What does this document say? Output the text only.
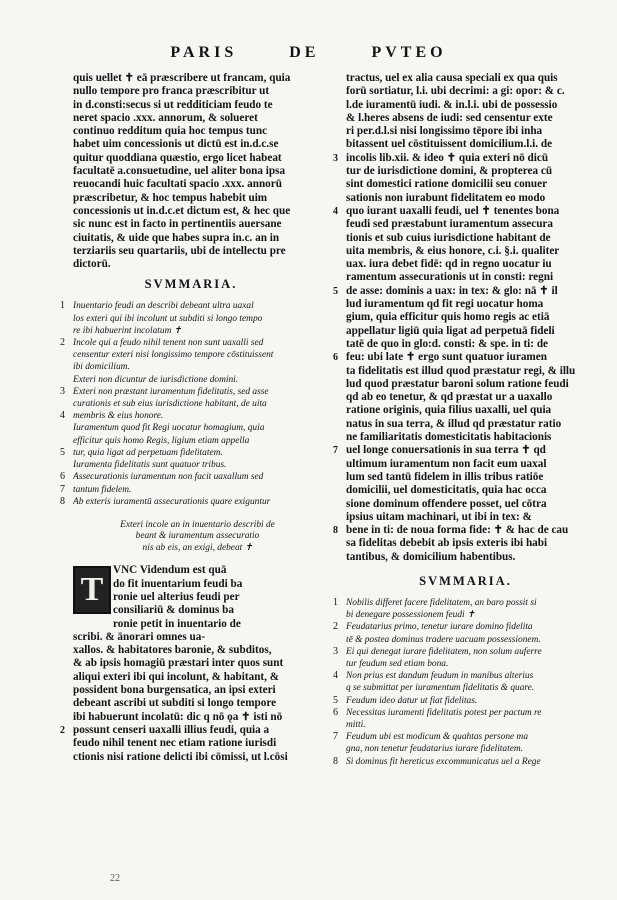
PARIS	DE	PVTEO
quis uellet ✝ eā præscribere ut francam, quia
nullo tempore pro franca præscribitur ut
in d.consti:secus si ut redditiciam feudo te
neret spacio .xxx. annorum, & solueret
continuo redditum quia hoc tempus tunc
habet uim concessionis ut dictū est in.d.c.se
quitur quoddiana quæstio, ergo licet habeat
facultatē a.consuetudine, uel aliter bona ipsa
reuocandi huic facultati spacio .xxx. annorū
præscribetur, & hoc tempus habebit uim
concessionis ut in.d.c.et dictum est, & hec que
sic nunc est in facto in pertinentiis auersane
ciuitatis, & uide que habes supra in.c. an in
terziariis seu quartariis, ubi de intellectu pre
dictorū.
SVMMARIA.
1 Inuentario feudi an describi debeant ultra uaxal
los exteri qui ibi incolunt ut subditi si longo tempo
re ibi habuerint incolatum ✝
2 Incole qui a feudo nihil tenent non sunt uaxalli sed
censentur exteri nisi longissimo tempore cōstituissent
ibi domicilium.
Exteri non dicuntur de iurisdictione domini.
3 Exteri non præstant iuramentum fidelitatis, sed asse
curationis et sub eius iurisdictione habitant, de uita
4 membris & eius honore.
Iuramentum quod fit Regi uocatur homagium, quia
efficitur quis homo Regis, ligium etiam appella
5 tur, quia ligat ad perpetuam fidelitatem.
Iuramenta fidelitatis sunt quatuor tribus.
6 Assecurationis iuramentum non facit uaxallum sed
7 tantum fidelem.
8 Ab exteris iuramentū assecurationis quare exiguntur
Exteri incole an in inuentario describi de
beant & iuramentum assecuratio
nis ab eis, an exigi, debeat ✝
T
VNC Videndum est quā
do fit inuentarium feudi ba
ronie uel alterius feudi per
consiliariū & dominus ba
ronie petit in inuentario de
scribi. & ānorari omnes ua-
xallos. & habitatores baronie, & subditos,
& ab ipsis homagiū præstari inter quos sunt
aliqui exteri ibi qui incolunt, & habitant, &
possident bona burgensatica, an ipsi exteri
debeant ascribi ut subditi si longo tempore
ibi habuerunt incolatū: dic q nō ǫa ✝ isti nō
2 possunt censeri uaxalli illius feudi, quia a
feudo nihil tenent nec etiam ratione iurisdi
ctionis nisi ratione delicti ibi cōmissi, ut l.cōsi
tractus, uel ex alia causa speciali ex qua quis
forū sortiatur, l.i. ubi decrimi: a gi: opor: & c.
l.de iuramentū iudi. & in.l.i. ubi de possessio
& l.heres absens de iudi: sed censentur exte
ri per.d.l.si nisi longissimo tēpore ibi inha
bitassent uel cōstituissent domicilium.l.i. de
3 incolis lib.xii. & ideo ✝ quia exteri nō dicū
tur de iurisdictione domini, & propterea cū
sint domestici ratione domicilii seu conuer
sationis non iurabunt fidelitatem eo modo
4 quo iurant uaxalli feudi, uel ✝ tenentes bona
feudi sed præstabunt iuramentum assecura
tionis et sub cuius iurisdictione habitant de
uita membris, & eius honore, c.i. §.i. qualiter
uax. iura debet fidē: qd in regno uocatur iu
ramentum assecurationis ut in consti: regni
5 de asse: dominis a uax: in tex: & glo: nā ✝ il
lud iuramentum qd fit regi uocatur homa
gium, quia efficitur quis homo regis ac etiā
appellatur ligiū quia ligat ad perpetuā fideli
tatē de quo in glo:d. consti: & spe. in ti: de
6 feu: ubi late ✝ ergo sunt quatuor iuramen
ta fidelitatis est illud quod præstatur regi, & illu
lud quod præstatur baroni solum ratione feudi
qd ab eo tenetur, & qd præstat ur a uaxallo
ratione originis, quia filius uaxalli, uel quia
natus in sua terra, & illud qd præstatur ratio
ne familiaritatis domesticitatis habitacionis
7 uel longe conuersationis in sua terra ✝ qd
ultimum iuramentum non facit eum uaxal
lum sed tantū fidelem in illis tribus ratiōe
domicilii, uel domesticitatis, quia hac occa
sione dominum offendere posset, uel cōtra
ipsius uitam machinari, ut ibi in tex: &
8 bene in ti: de noua forma fide: ✝ & hac de cau
sa fidelitas debebit ab ipsis exteris ibi habi
tantibus, & domicilium habentibus.
SVMMARIA.
1 Nobilis differet facere fidelitatem, an baro possit si
bi denegare possessionem feudi ✝
2 Feudatarius primo, tenetur iurare domino fidelita
tē & postea dominus tradere uacuam possessionem.
3 Ei qui denegat iurare fidelitatem, non solum auferre
tur feudum sed etiam bona.
4 Non prius est dandum feudum in manibus alterius
q se submittat per iuramentum fidelitatis & quare.
5 Feudum ideo datur ut fiat fidelitas.
6 Necessitas iuramenti fidelitatis potest per pactum re
mitti.
7 Feudum ubi est modicum & quahtas persone ma
gna, non tenetur feudatarius iurare fidelitatem.
8 Si dominus fit hereticus excommunicatus uel a Rege
22
